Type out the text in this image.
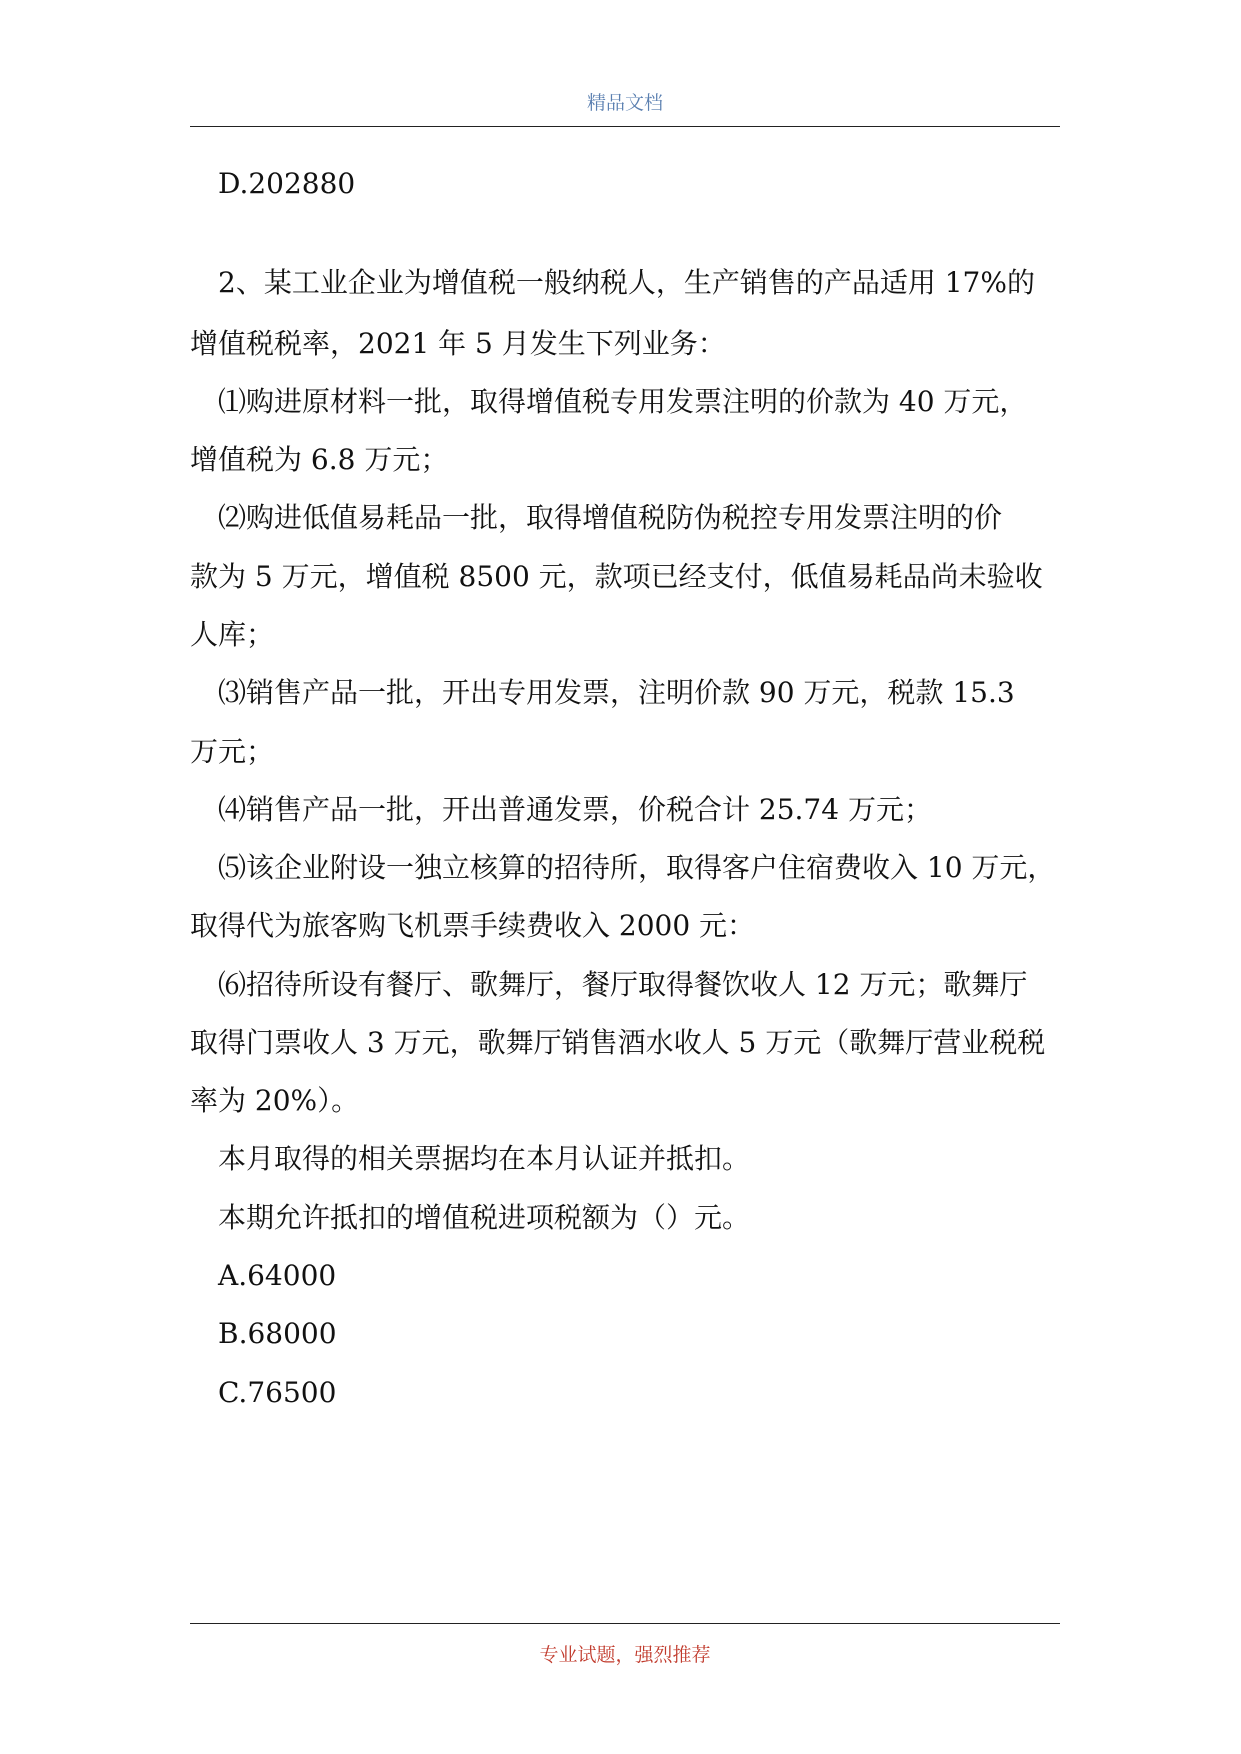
精品文档
D.202880
2、某工业企业为增值税一般纳税人，生产销售的产品适用 17%的
增值税税率，2021 年 5 月发生下列业务：
⑴购进原材料一批，取得增值税专用发票注明的价款为 40 万元，
增值税为 6.8 万元；
⑵购进低值易耗品一批，取得增值税防伪税控专用发票注明的价
款为 5 万元，增值税 8500 元，款项已经支付，低值易耗品尚未验收
人库；
⑶销售产品一批，开出专用发票，注明价款 90 万元，税款 15.3
万元；
⑷销售产品一批，开出普通发票，价税合计 25.74 万元；
⑸该企业附设一独立核算的招待所，取得客户住宿费收入 10 万元，
取得代为旅客购飞机票手续费收入 2000 元：
⑹招待所设有餐厅、歌舞厅，餐厅取得餐饮收人 12 万元；歌舞厅
取得门票收人 3 万元，歌舞厅销售酒水收人 5 万元（歌舞厅营业税税
率为 20%）。
本月取得的相关票据均在本月认证并抵扣。
本期允许抵扣的增值税进项税额为（）元。
A.64000
B.68000
C.76500
专业试题，强烈推荐
